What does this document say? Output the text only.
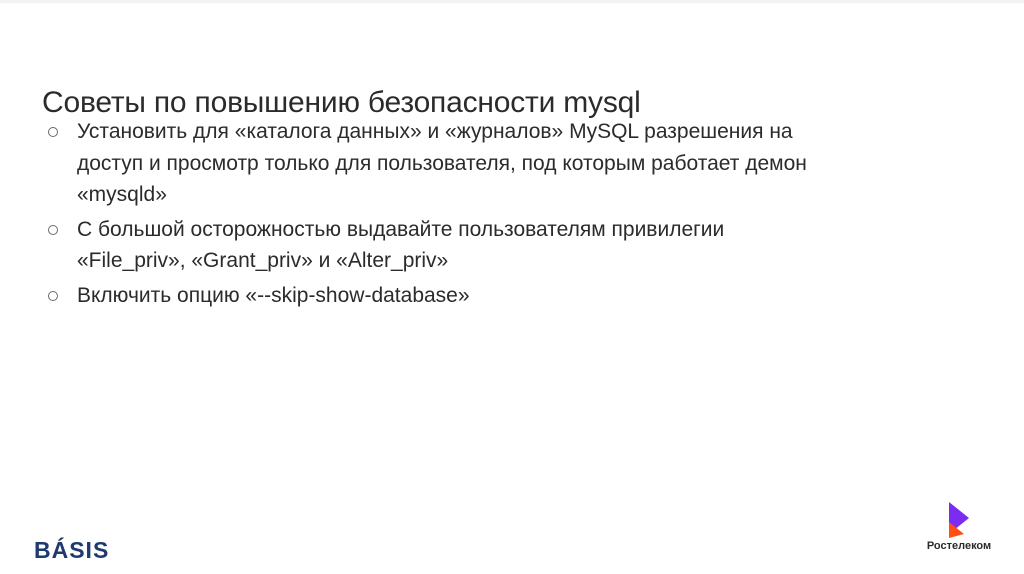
Советы по повышению безопасности mysql
Установить для «каталога данных» и «журналов» MySQL разрешения на доступ и просмотр только для пользователя, под которым работает демон «mysqld»
С большой осторожностью выдавайте пользователям привилегии «File_priv», «Grant_priv» и «Alter_priv»
Включить опцию «--skip-show-database»
BÁSIS	Ростелеком
